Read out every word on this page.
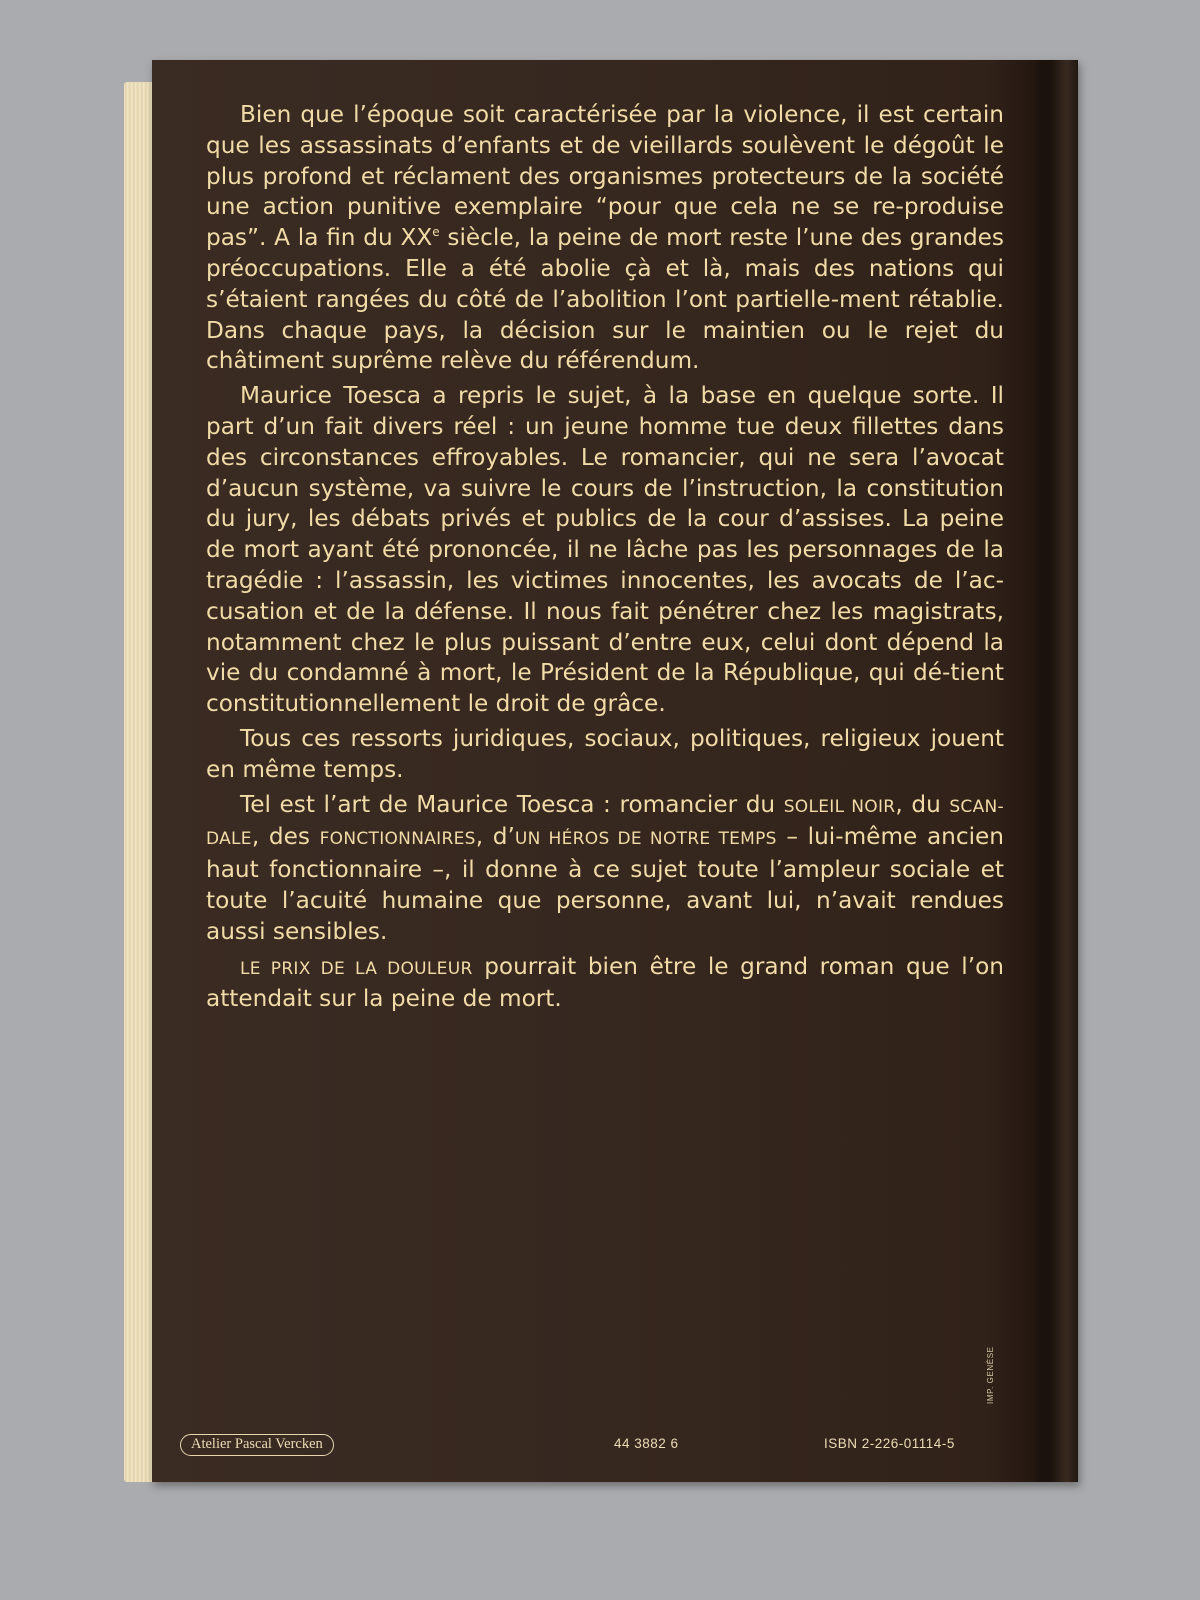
Bien que l’époque soit caractérisée par la violence, il est certain que les assassinats d’enfants et de vieillards soulèvent le dégoût le plus profond et réclament des organismes protecteurs de la société une action punitive exemplaire “pour que cela ne se re-produise pas”. A la fin du XXe siècle, la peine de mort reste l’une des grandes préoccupations. Elle a été abolie çà et là, mais des nations qui s’étaient rangées du côté de l’abolition l’ont partielle-ment rétablie. Dans chaque pays, la décision sur le maintien ou le rejet du châtiment suprême relève du référendum.

Maurice Toesca a repris le sujet, à la base en quelque sorte. Il part d’un fait divers réel : un jeune homme tue deux fillettes dans des circonstances effroyables. Le romancier, qui ne sera l’avocat d’aucun système, va suivre le cours de l’instruction, la constitution du jury, les débats privés et publics de la cour d’assises. La peine de mort ayant été prononcée, il ne lâche pas les personnages de la tragédie : l’assassin, les victimes innocentes, les avocats de l’ac-cusation et de la défense. Il nous fait pénétrer chez les magistrats, notamment chez le plus puissant d’entre eux, celui dont dépend la vie du condamné à mort, le Président de la République, qui dé-tient constitutionnellement le droit de grâce.

Tous ces ressorts juridiques, sociaux, politiques, religieux jouent en même temps.

Tel est l’art de Maurice Toesca : romancier du SOLEIL NOIR, du SCAN-DALE, des FONCTIONNAIRES, d’UN HÉROS DE NOTRE TEMPS – lui-même ancien haut fonctionnaire –, il donne à ce sujet toute l’ampleur sociale et toute l’acuité humaine que personne, avant lui, n’avait rendues aussi sensibles.

LE PRIX DE LA DOULEUR pourrait bien être le grand roman que l’on attendait sur la peine de mort.

Atelier Pascal Vercken	44 3882 6	ISBN 2-226-01114-5
IMP. GENÈSE
